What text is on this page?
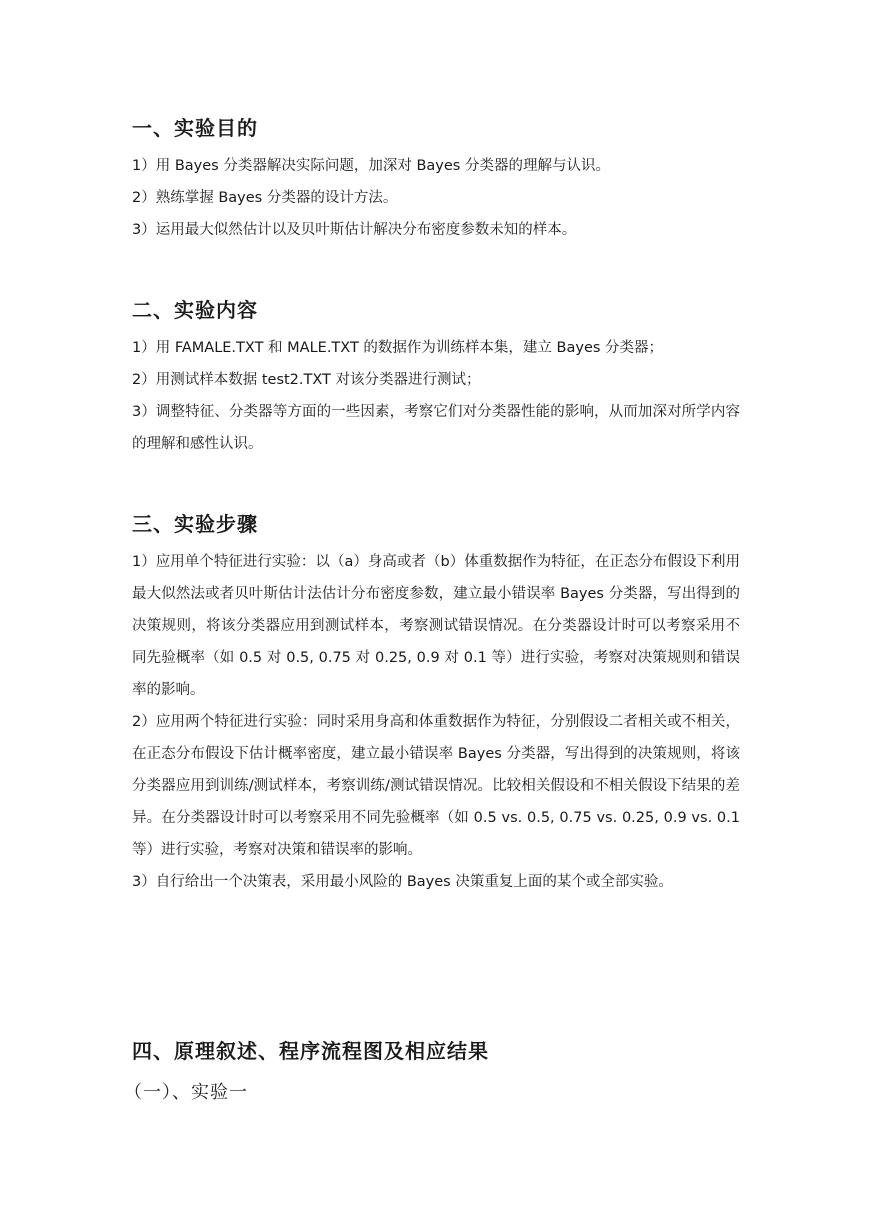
一、实验目的

1）用 Bayes 分类器解决实际问题，加深对 Bayes 分类器的理解与认识。

2）熟练掌握 Bayes 分类器的设计方法。

3）运用最大似然估计以及贝叶斯估计解决分布密度参数未知的样本。

二、实验内容

1）用 FAMALE.TXT 和 MALE.TXT 的数据作为训练样本集，建立 Bayes 分类器；

2）用测试样本数据 test2.TXT 对该分类器进行测试；

3）调整特征、分类器等方面的一些因素，考察它们对分类器性能的影响，从而加深对所学内容的理解和感性认识。

三、实验步骤

1）应用单个特征进行实验：以（a）身高或者（b）体重数据作为特征，在正态分布假设下利用最大似然法或者贝叶斯估计法估计分布密度参数，建立最小错误率 Bayes 分类器，写出得到的决策规则，将该分类器应用到测试样本，考察测试错误情况。在分类器设计时可以考察采用不同先验概率（如 0.5 对 0.5, 0.75 对 0.25, 0.9 对 0.1 等）进行实验，考察对决策规则和错误率的影响。

2）应用两个特征进行实验：同时采用身高和体重数据作为特征，分别假设二者相关或不相关，在正态分布假设下估计概率密度，建立最小错误率 Bayes 分类器，写出得到的决策规则，将该分类器应用到训练/测试样本，考察训练/测试错误情况。比较相关假设和不相关假设下结果的差异。在分类器设计时可以考察采用不同先验概率（如 0.5 vs. 0.5, 0.75 vs. 0.25, 0.9 vs. 0.1 等）进行实验，考察对决策和错误率的影响。

3）自行给出一个决策表，采用最小风险的 Bayes 决策重复上面的某个或全部实验。

四、原理叙述、程序流程图及相应结果
（一）、实验一
